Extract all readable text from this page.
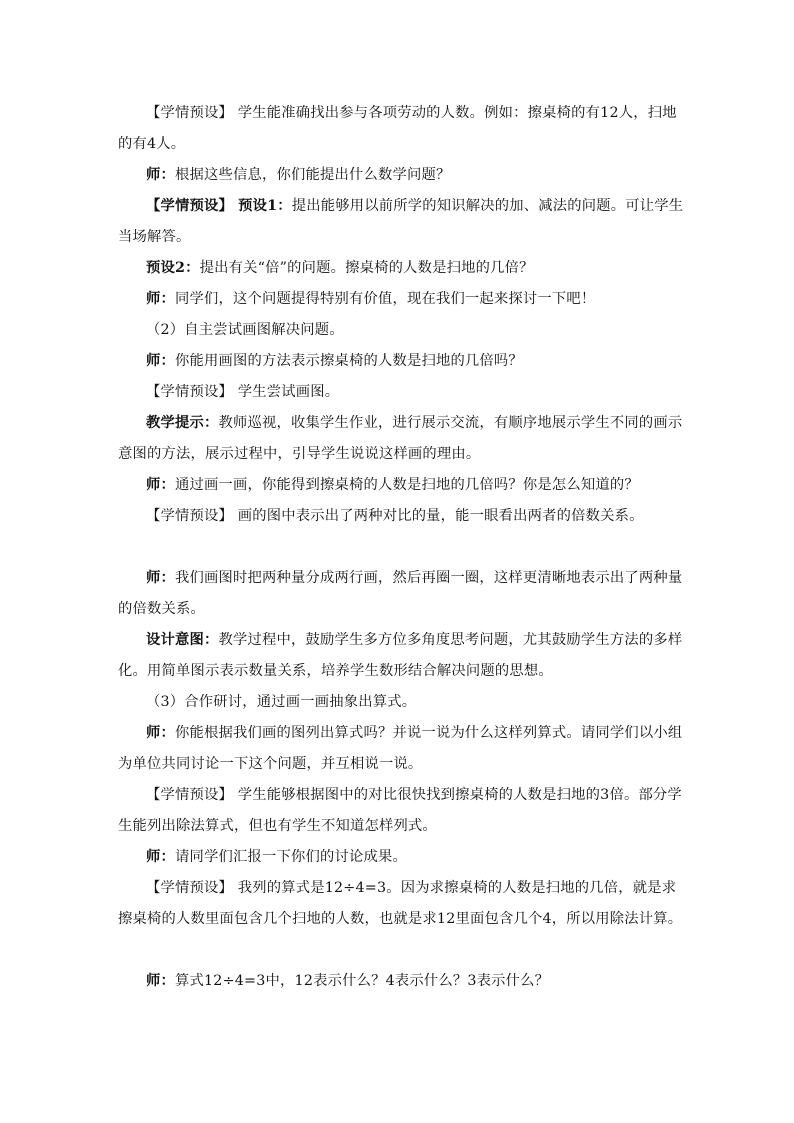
【学情预设】 学生能准确找出参与各项劳动的人数。例如：擦桌椅的有12人，扫地的有4人。

师：根据这些信息，你们能提出什么数学问题？

【学情预设】 预设1：提出能够用以前所学的知识解决的加、减法的问题。可让学生当场解答。

预设2：提出有关“倍”的问题。擦桌椅的人数是扫地的几倍？

师：同学们，这个问题提得特别有价值，现在我们一起来探讨一下吧！

（2）自主尝试画图解决问题。

师：你能用画图的方法表示擦桌椅的人数是扫地的几倍吗？

【学情预设】 学生尝试画图。

教学提示：教师巡视，收集学生作业，进行展示交流，有顺序地展示学生不同的画示意图的方法，展示过程中，引导学生说说这样画的理由。

师：通过画一画，你能得到擦桌椅的人数是扫地的几倍吗？你是怎么知道的？

【学情预设】 画的图中表示出了两种对比的量，能一眼看出两者的倍数关系。

师：我们画图时把两种量分成两行画，然后再圈一圈，这样更清晰地表示出了两种量的倍数关系。

设计意图：教学过程中，鼓励学生多方位多角度思考问题，尤其鼓励学生方法的多样化。用简单图示表示数量关系，培养学生数形结合解决问题的思想。

（3）合作研讨，通过画一画抽象出算式。

师：你能根据我们画的图列出算式吗？并说一说为什么这样列算式。请同学们以小组为单位共同讨论一下这个问题，并互相说一说。

【学情预设】 学生能够根据图中的对比很快找到擦桌椅的人数是扫地的3倍。部分学生能列出除法算式，但也有学生不知道怎样列式。

师：请同学们汇报一下你们的讨论成果。

【学情预设】 我列的算式是12÷4=3。因为求擦桌椅的人数是扫地的几倍，就是求擦桌椅的人数里面包含几个扫地的人数，也就是求12里面包含几个4，所以用除法计算。

师：算式12÷4=3中，12表示什么？4表示什么？3表示什么？
